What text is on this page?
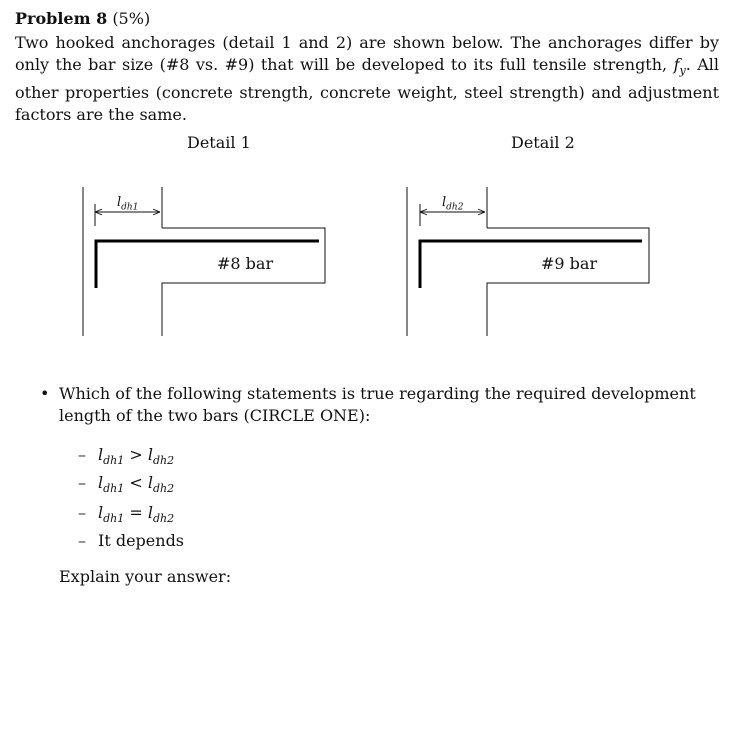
Problem 8 (5%)
Two hooked anchorages (detail 1 and 2) are shown below. The anchorages differ by only the bar size (#8 vs. #9) that will be developed to its full tensile strength, $f_y$. All other properties (concrete strength, concrete weight, steel strength) and adjustment factors are the same.
Detail 1	Detail 2
$l_{dh1}$	$l_{dh2}$
#8 bar	#9 bar
• Which of the following statements is true regarding the required development length of the two bars (CIRCLE ONE):
– $l_{dh1} > l_{dh2}$
– $l_{dh1} < l_{dh2}$
– $l_{dh1} = l_{dh2}$
– It depends
Explain your answer:
